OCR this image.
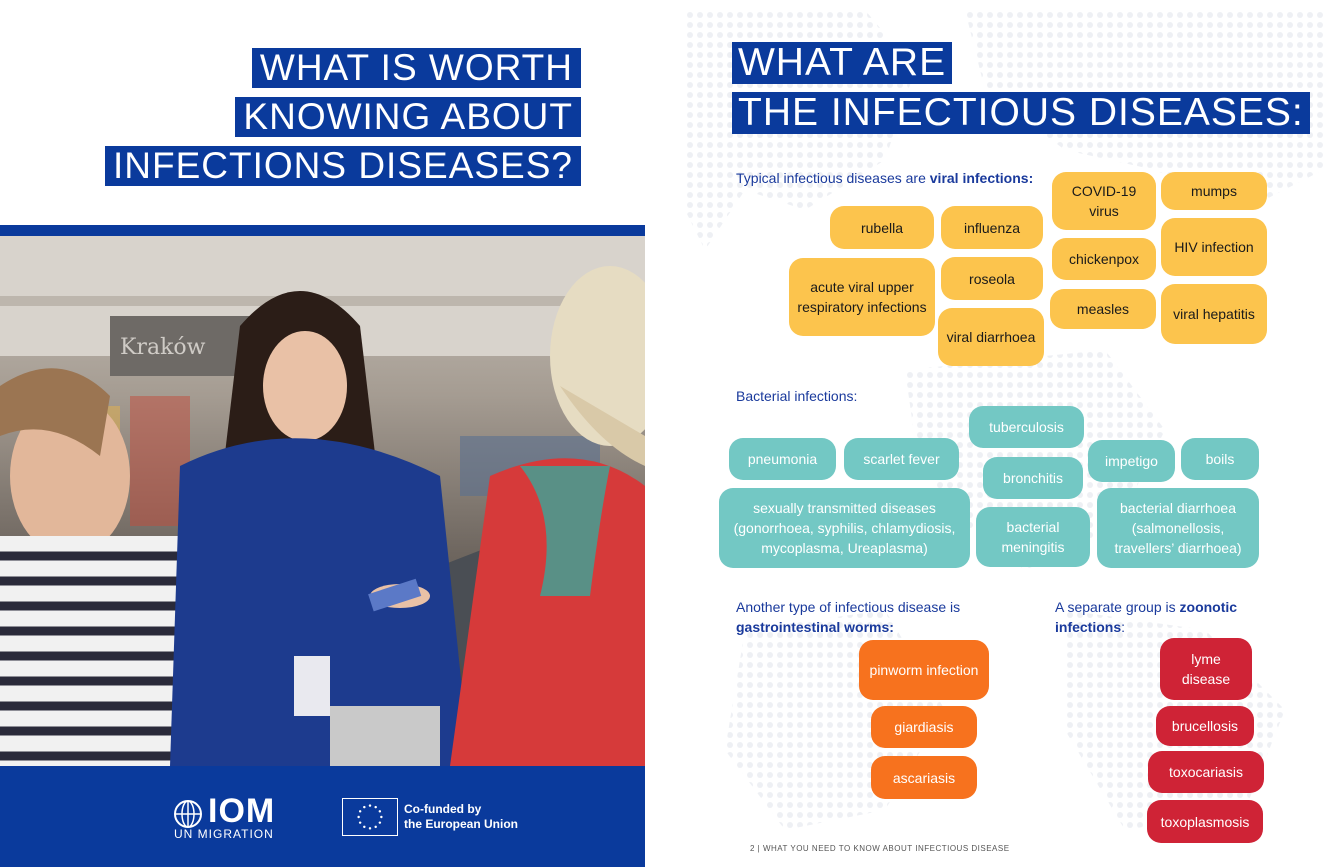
WHAT IS WORTH
KNOWING ABOUT
INFECTIONS DISEASES?
Kraków
IOM
UN MIGRATION
Co-funded by
the European Union
WHAT ARE
THE INFECTIOUS DISEASES:
Typical infectious diseases are viral infections:
rubella	influenza
COVID-19 virus
mumps
acute viral upper respiratory infections
roseola
chickenpox
HIV infection
viral diarrhoea
measles	viral hepatitis
Bacterial infections:
tuberculosis
pneumonia	scarlet fever	impetigo	boils
bronchitis
sexually transmitted diseases (gonorrhoea, syphilis, chlamydiosis, mycoplasma, Ureaplasma)
bacterial meningitis
bacterial diarrhoea (salmonellosis, travellers’ diarrhoea)
Another type of infectious disease is
gastrointestinal worms:
pinworm infection
giardiasis
ascariasis
A separate group is zoonotic
infections:
lyme disease
brucellosis
toxocariasis
toxoplasmosis
2 | WHAT YOU NEED TO KNOW ABOUT INFECTIOUS DISEASE
